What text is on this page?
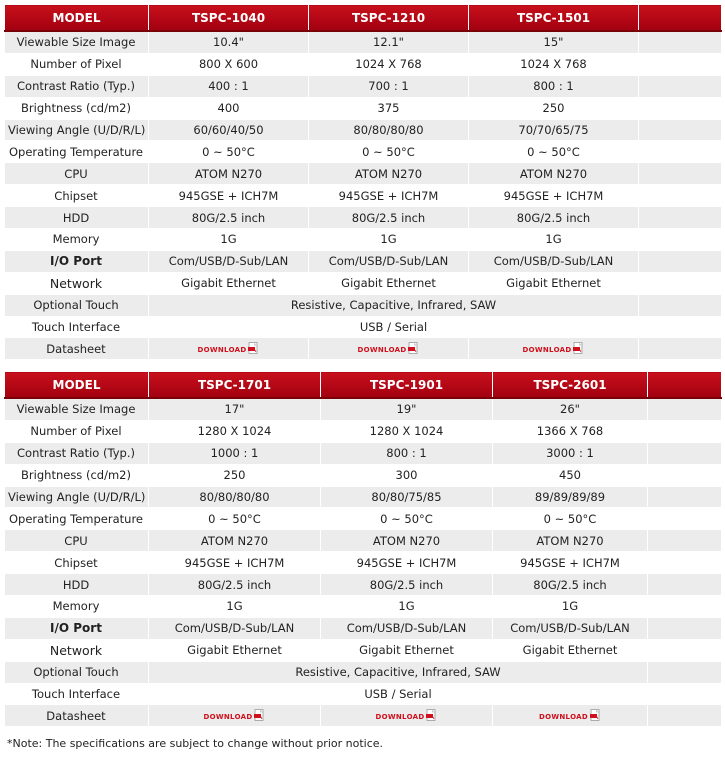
MODEL	TSPC-1040	TSPC-1210	TSPC-1501	
Viewable Size Image	10.4"	12.1"	15"	
Number of Pixel	800 X 600	1024 X 768	1024 X 768	
Contrast Ratio (Typ.)	400 : 1	700 : 1	800 : 1	
Brightness (cd/m2)	400	375	250	
Viewing Angle (U/D/R/L)	60/60/40/50	80/80/80/80	70/70/65/75	
Operating Temperature	0 ~ 50°C	0 ~ 50°C	0 ~ 50°C	
CPU	ATOM N270	ATOM N270	ATOM N270	
Chipset	945GSE + ICH7M	945GSE + ICH7M	945GSE + ICH7M	
HDD	80G/2.5 inch	80G/2.5 inch	80G/2.5 inch	
Memory	1G	1G	1G	
I/O Port	Com/USB/D-Sub/LAN	Com/USB/D-Sub/LAN	Com/USB/D-Sub/LAN	
Network	Gigabit Ethernet	Gigabit Ethernet	Gigabit Ethernet	
Optional Touch	Resistive, Capacitive, Infrared, SAW			
Touch Interface	USB / Serial			
Datasheet	DOWNLOAD	DOWNLOAD	DOWNLOAD	

MODEL	TSPC-1701	TSPC-1901	TSPC-2601	
Viewable Size Image	17"	19"	26"	
Number of Pixel	1280 X 1024	1280 X 1024	1366 X 768	
Contrast Ratio (Typ.)	1000 : 1	800 : 1	3000 : 1	
Brightness (cd/m2)	250	300	450	
Viewing Angle (U/D/R/L)	80/80/80/80	80/80/75/85	89/89/89/89	
Operating Temperature	0 ~ 50°C	0 ~ 50°C	0 ~ 50°C	
CPU	ATOM N270	ATOM N270	ATOM N270	
Chipset	945GSE + ICH7M	945GSE + ICH7M	945GSE + ICH7M	
HDD	80G/2.5 inch	80G/2.5 inch	80G/2.5 inch	
Memory	1G	1G	1G	
I/O Port	Com/USB/D-Sub/LAN	Com/USB/D-Sub/LAN	Com/USB/D-Sub/LAN	
Network	Gigabit Ethernet	Gigabit Ethernet	Gigabit Ethernet	
Optional Touch	Resistive, Capacitive, Infrared, SAW			
Touch Interface	USB / Serial			
Datasheet	DOWNLOAD	DOWNLOAD	DOWNLOAD	

*Note: The specifications are subject to change without prior notice.
